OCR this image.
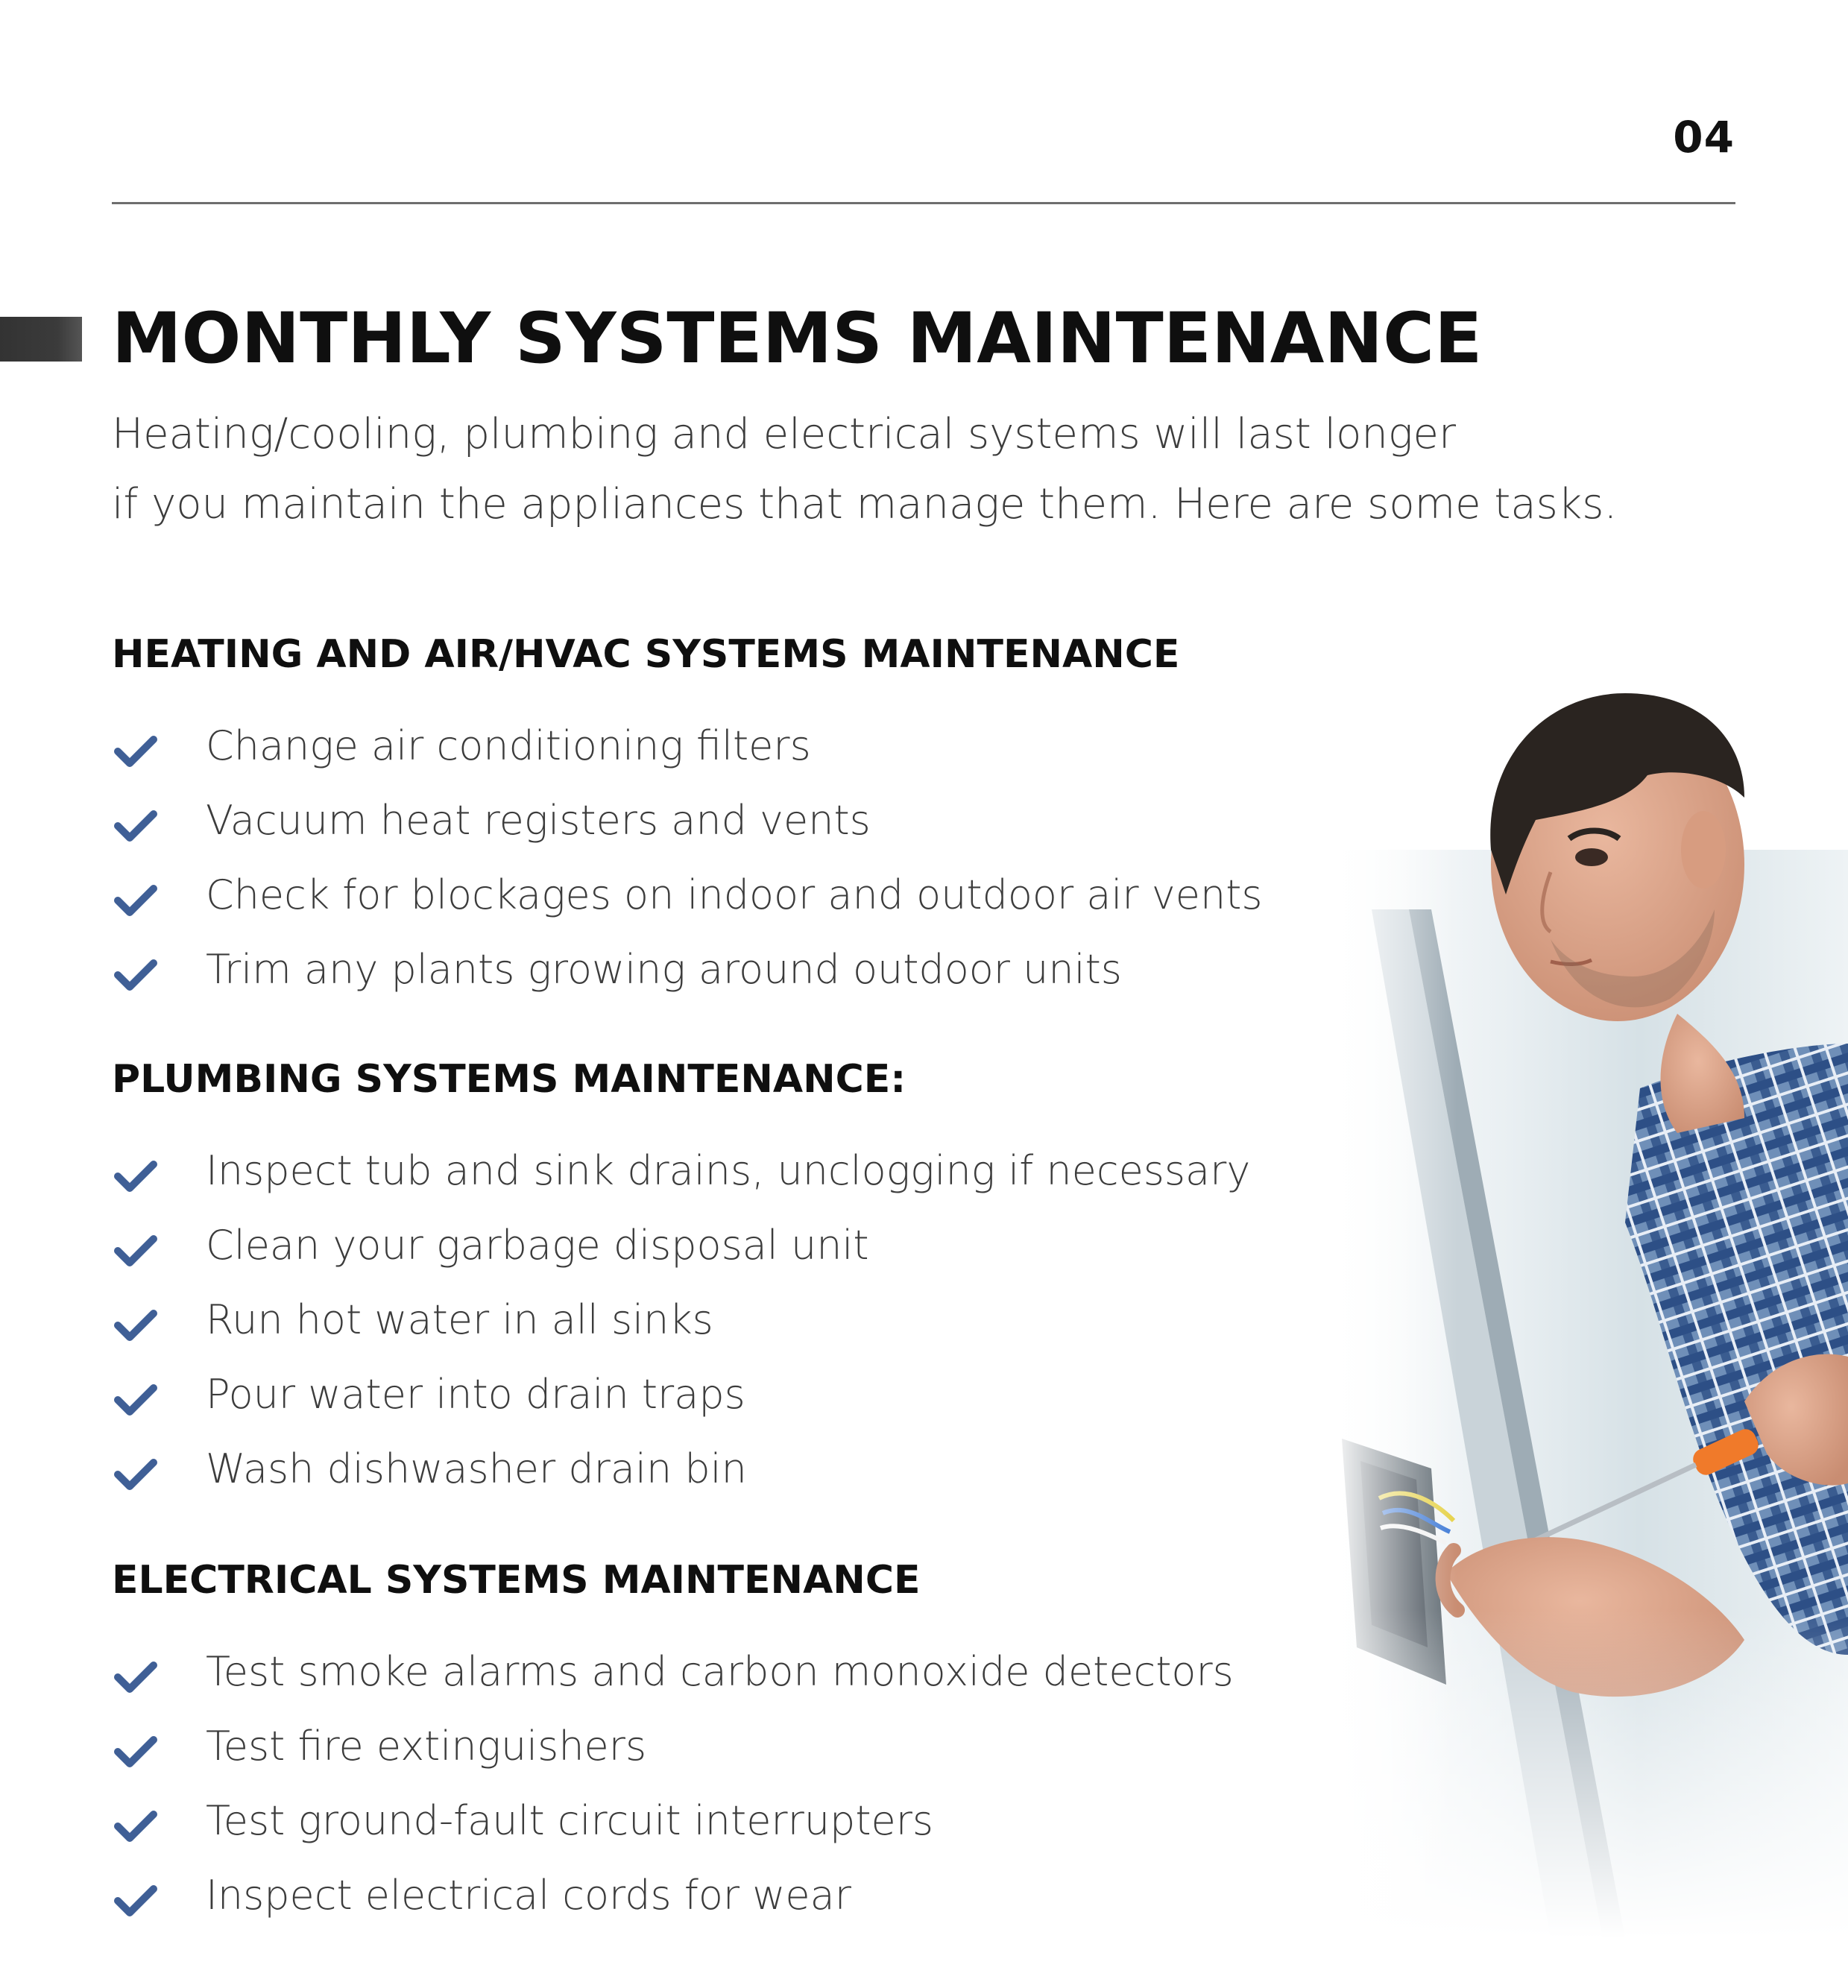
04
MONTHLY SYSTEMS MAINTENANCE
Heating/cooling, plumbing and electrical systems will last longer
if you maintain the appliances that manage them. Here are some tasks.
HEATING AND AIR/HVAC SYSTEMS MAINTENANCE
Change air conditioning filters
Vacuum heat registers and vents
Check for blockages on indoor and outdoor air vents
Trim any plants growing around outdoor units
PLUMBING SYSTEMS MAINTENANCE:
Inspect tub and sink drains, unclogging if necessary
Clean your garbage disposal unit
Run hot water in all sinks
Pour water into drain traps
Wash dishwasher drain bin
ELECTRICAL SYSTEMS MAINTENANCE
Test smoke alarms and carbon monoxide detectors
Test fire extinguishers
Test ground-fault circuit interrupters
Inspect electrical cords for wear
